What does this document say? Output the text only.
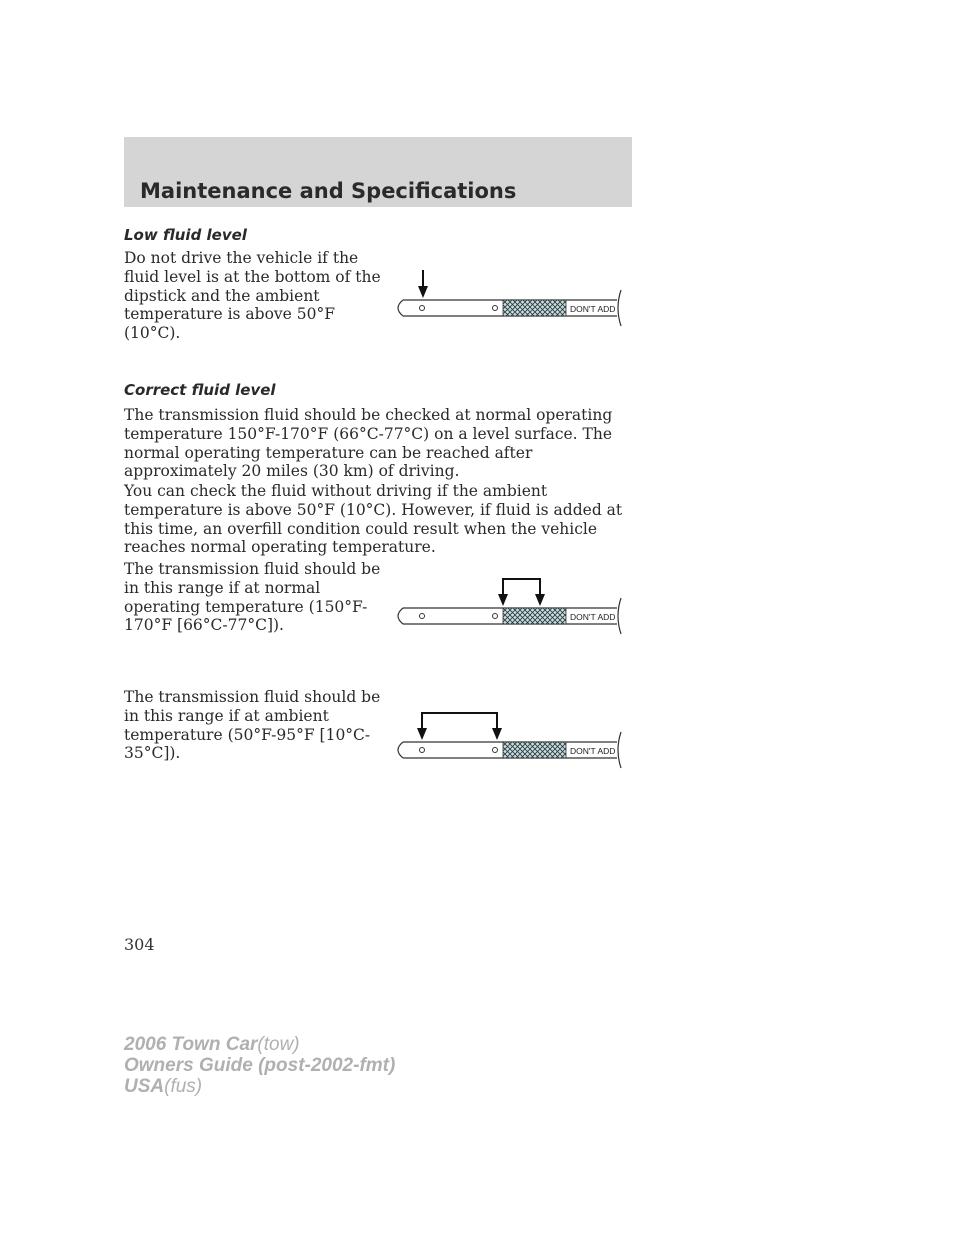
Maintenance and Specifications
Low fluid level
Do not drive the vehicle if the fluid level is at the bottom of the dipstick and the ambient temperature is above 50°F (10°C).
DON'T ADD
Correct fluid level
The transmission fluid should be checked at normal operating temperature 150°F-170°F (66°C-77°C) on a level surface. The normal operating temperature can be reached after approximately 20 miles (30 km) of driving.
You can check the fluid without driving if the ambient temperature is above 50°F (10°C). However, if fluid is added at this time, an overfill condition could result when the vehicle reaches normal operating temperature.
The transmission fluid should be in this range if at normal operating temperature (150°F-170°F [66°C-77°C]).	DON'T ADD
The transmission fluid should be in this range if at ambient temperature (50°F-95°F [10°C-35°C]).	DON'T ADD
304
2006 Town Car(tow)
Owners Guide (post-2002-fmt)
USA(fus)
